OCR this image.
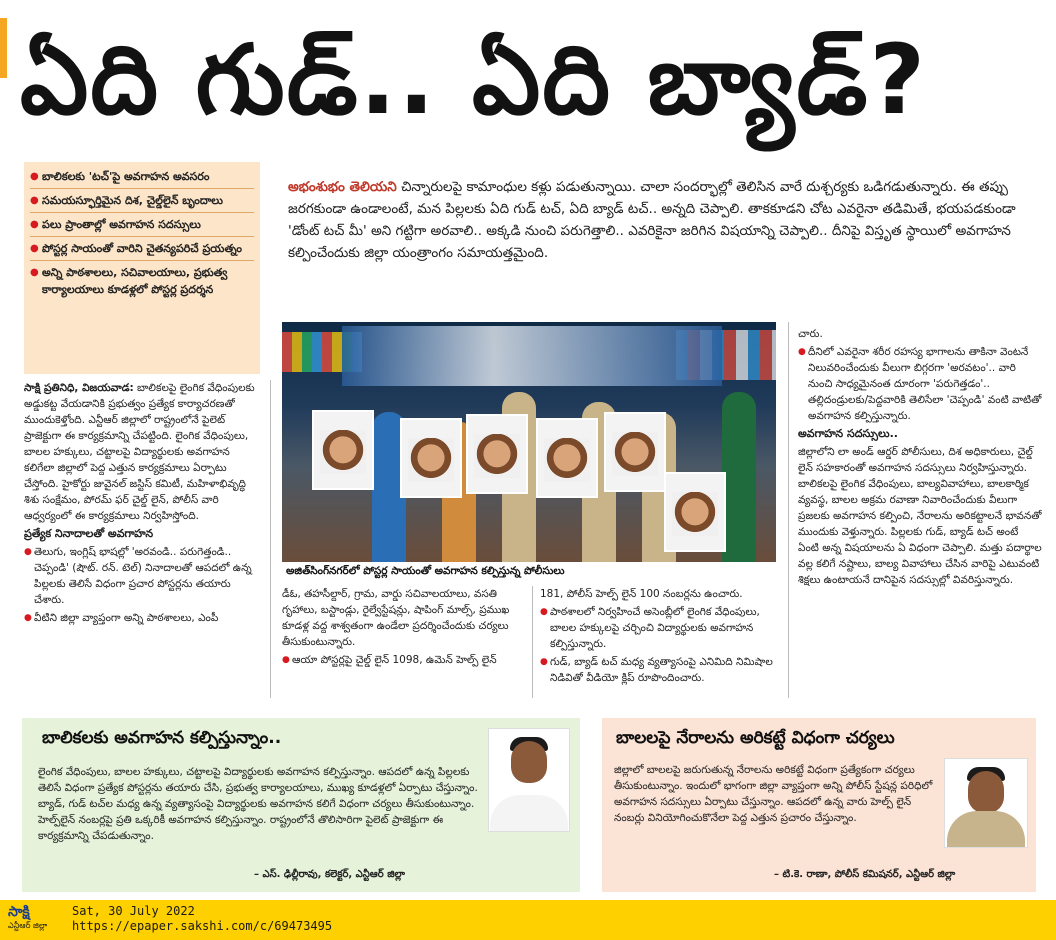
ఏది గుడ్.. ఏది బ్యాడ్?
● బాలికలకు 'టచ్'పై అవగాహన అవసరం
● సమయస్ఫూర్తిమైన దిశ, చైల్డ్‌లైన్ బృందాలు
● పలు ప్రాంతాల్లో అవగాహన సదస్సులు
● పోస్టర్ల సాయంతో వారిని చైతన్యపరిచే ప్రయత్నం
● అన్ని పాఠశాలలు, సచివాలయాలు, ప్రభుత్వ కార్యాలయాలు కూడళ్లలో పోస్టర్ల ప్రదర్శన
అభంశుభం తెలియని చిన్నారులపై కామాంధుల కళ్లు పడుతున్నాయి. చాలా సందర్భాల్లో తెలిసిన వారే దుశ్చర్యకు ఒడిగడుతున్నారు. ఈ తప్పు జరగకుండా ఉండాలంటే, మన పిల్లలకు ఏది గుడ్ టచ్, ఏది బ్యాడ్ టచ్.. అన్నది చెప్పాలి. తాకకూడని చోట ఎవరైనా తడిమితే, భయపడకుండా 'డోంట్ టచ్ మీ' అని గట్టిగా అరవాలి.. అక్కడి నుంచి పరుగెత్తాలి.. ఎవరికైనా జరిగిన విషయాన్ని చెప్పాలి.. దీనిపై విస్తృత స్థాయిలో అవగాహన కల్పించేందుకు జిల్లా యంత్రాంగం సమాయత్తమైంది.

సాక్షి ప్రతినిధి, విజయవాడ: బాలికలపై లైంగిక వేధింపులకు అడ్డుకట్ట వేయడానికి ప్రభుత్వం ప్రత్యేక కార్యాచరణతో ముందుకెళ్తోంది. ఎన్టీఆర్ జిల్లాలో రాష్ట్రంలోనే పైలెట్ ప్రాజెక్టుగా ఈ కార్యక్రమాన్ని చేపట్టింది. లైంగిక వేధింపులు, బాలల హక్కులు, చట్టాలపై విద్యార్థులకు అవగాహన కలిగేలా జిల్లాలో పెద్ద ఎత్తున కార్యక్రమాలు ఏర్పాటు చేస్తోంది. హైకోర్టు జువైనల్ జస్టిస్ కమిటీ, మహిళాభివృద్ధి శిశు సంక్షేమం, పోరమ్ ఫర్ చైల్డ్ లైన్, పోలీస్ వారి ఆధ్వర్యంలో ఈ కార్యక్రమాలు నిర్వహిస్తోంది.

ప్రత్యేక నినాదాలతో అవగాహన

● తెలుగు, ఇంగ్లిష్ భాషల్లో 'అరవండి.. పరుగెత్తండి.. చెప్పండి' (షౌట్. రన్. టెల్) నినాదాలతో ఆపదలో ఉన్న పిల్లలకు తెలిసే విధంగా ప్రచార పోస్టర్లను తయారు చేశారు.

● వీటిని జిల్లా వ్యాప్తంగా అన్ని పాఠశాలలు, ఎంపీ

అజిత్‌సింగ్‌నగర్‌లో పోస్టర్ల సాయంతో అవగాహన కల్పిస్తున్న పోలీసులు

డీఓ, తహసీల్దార్, గ్రామ, వార్డు సచివాలయాలు, వసతి గృహాలు, బస్టాండ్లు, రైల్వేస్టేషన్లు, షాపింగ్ మాల్స్, ప్రముఖ కూడళ్ల వద్ద శాశ్వతంగా ఉండేలా ప్రదర్శించేందుకు చర్యలు తీసుకుంటున్నారు.

● ఆయా పోస్టర్లపై చైల్డ్ లైన్ 1098, ఉమెన్ హెల్ప్ లైన్

181, పోలీస్ హెల్ప్ లైన్ 100 నంబర్లను ఉంచారు.

● పాఠశాలలో నిర్వహించే అసెంబ్లీలో లైంగిక వేధింపులు, బాలల హక్కులపై చర్చించి విద్యార్థులకు అవగాహన కల్పిస్తున్నారు.

● గుడ్, బ్యాడ్ టచ్ మధ్య వ్యత్యాసంపై ఎనిమిది నిమిషాల నిడివితో వీడియో క్లిప్ రూపొందించారు.

చారు.

● దీనిలో ఎవరైనా శరీర రహస్య భాగాలను తాకినా వెంటనే నిలువరించేందుకు వీలుగా బిగ్గరగా 'అరవటం'.. వారి నుంచి సాధ్యమైనంత దూరంగా 'పరుగెత్తడం'.. తల్లిదండ్రులకు/పెద్దవారికి తెలిసేలా 'చెప్పండి' వంటి వాటితో అవగాహన కల్పిస్తున్నారు.

అవగాహన సదస్సులు..

జిల్లాలోని లా అండ్ ఆర్డర్ పోలీసులు, దిశ అధికారులు, చైల్డ్ లైన్ సహకారంతో అవగాహన సదస్సులు నిర్వహిస్తున్నారు. బాలికలపై లైంగిక వేధింపులు, బాల్యవివాహాలు, బాలకార్మిక వ్యవస్థ, బాలల అక్రమ రవాణా నివారించేందుకు వీలుగా ప్రజలకు అవగాహన కల్పించి, నేరాలను అరికట్టాలనే భావనతో ముందుకు వెళ్తున్నారు. పిల్లలకు గుడ్, బ్యాడ్ టచ్ అంటే ఏంటి అన్న విషయాలను ఏ విధంగా చెప్పాలి. మత్తు పదార్థాల వల్ల కలిగే నష్టాలు, బాల్య వివాహాలు చేసిన వారిపై ఎటువంటి శిక్షలు ఉంటాయనే దానిపైన సదస్సుల్లో వివరిస్తున్నారు.

బాలికలకు అవగాహన కల్పిస్తున్నాం..
లైంగిక వేధింపులు, బాలల హక్కులు, చట్టాలపై విద్యార్థులకు అవగాహన కల్పిస్తున్నాం. ఆపదలో ఉన్న పిల్లలకు తెలిసే విధంగా ప్రత్యేక పోస్టర్లను తయారు చేసి, ప్రభుత్వ కార్యాలయాలు, ముఖ్య కూడళ్లలో ఏర్పాటు చేస్తున్నాం. బ్యాడ్, గుడ్ టచ్‌ల మధ్య ఉన్న వ్యత్యాసంపై విద్యార్థులకు అవగాహన కలిగే విధంగా చర్యలు తీసుకుంటున్నాం. హెల్ప్‌లైన్ నంబర్లపై ప్రతి ఒక్కరికీ అవగాహన కల్పిస్తున్నాం. రాష్ట్రంలోనే తొలిసారిగా పైలెట్ ప్రాజెక్టుగా ఈ కార్యక్రమాన్ని చేపడుతున్నాం.
– ఎస్. ఢిల్లీరావు, కలెక్టర్, ఎన్టీఆర్ జిల్లా
బాలలపై నేరాలను అరికట్టే విధంగా చర్యలు
జిల్లాలో బాలలపై జరుగుతున్న నేరాలను అరికట్టే విధంగా ప్రత్యేకంగా చర్యలు తీసుకుంటున్నాం. ఇందులో భాగంగా జిల్లా వ్యాప్తంగా అన్ని పోలీస్ స్టేషన్ల పరిధిలో అవగాహన సదస్సులు ఏర్పాటు చేస్తున్నాం. ఆపదలో ఉన్న వారు హెల్ప్ లైన్ నంబర్లు వినియోగించుకొనేలా పెద్ద ఎత్తున ప్రచారం చేస్తున్నాం.
– టి.కె. రాణా, పోలీస్ కమిషనర్, ఎన్టీఆర్ జిల్లా
సాక్షి
ఎన్టీఆర్ జిల్లా
Sat, 30 July 2022
https://epaper.sakshi.com/c/69473495
